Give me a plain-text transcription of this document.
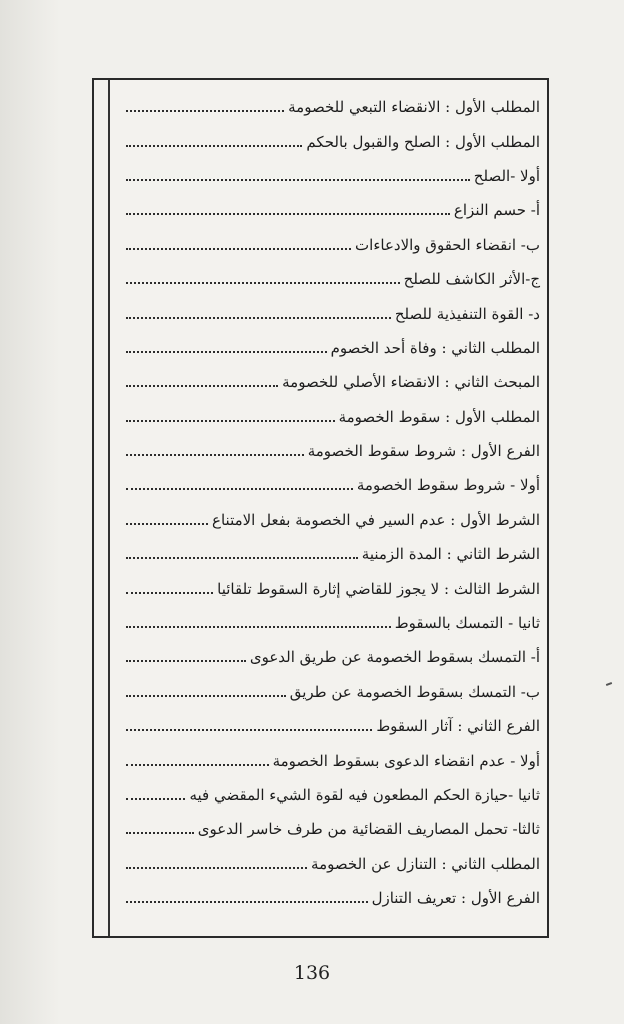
المطلب الأول : الانقضاء التبعي للخصومة
المطلب الأول : الصلح والقبول بالحكم
أولا -الصلح
أ- حسم النزاع
ب- انقضاء الحقوق والادعاءات
ج-الأثر الكاشف للصلح
د- القوة التنفيذية للصلح
المطلب الثاني : وفاة أحد الخصوم
المبحث الثاني : الانقضاء الأصلي للخصومة
المطلب الأول : سقوط الخصومة
الفرع الأول : شروط سقوط الخصومة
أولا - شروط سقوط الخصومة
الشرط الأول : عدم السير في الخصومة بفعل الامتناع
الشرط الثاني : المدة الزمنية
الشرط الثالث : لا يجوز للقاضي إثارة السقوط تلقائيا
ثانيا - التمسك بالسقوط
أ- التمسك بسقوط الخصومة عن طريق الدعوى
ب- التمسك بسقوط الخصومة عن طريق
الفرع الثاني : آثار السقوط
أولا - عدم انقضاء الدعوى بسقوط الخصومة
ثانيا -حيازة الحكم المطعون فيه لقوة الشيء المقضي فيه
ثالثا- تحمل المصاريف القضائية من طرف خاسر الدعوى
المطلب الثاني : التنازل عن الخصومة
الفرع الأول : تعريف التنازل
136
